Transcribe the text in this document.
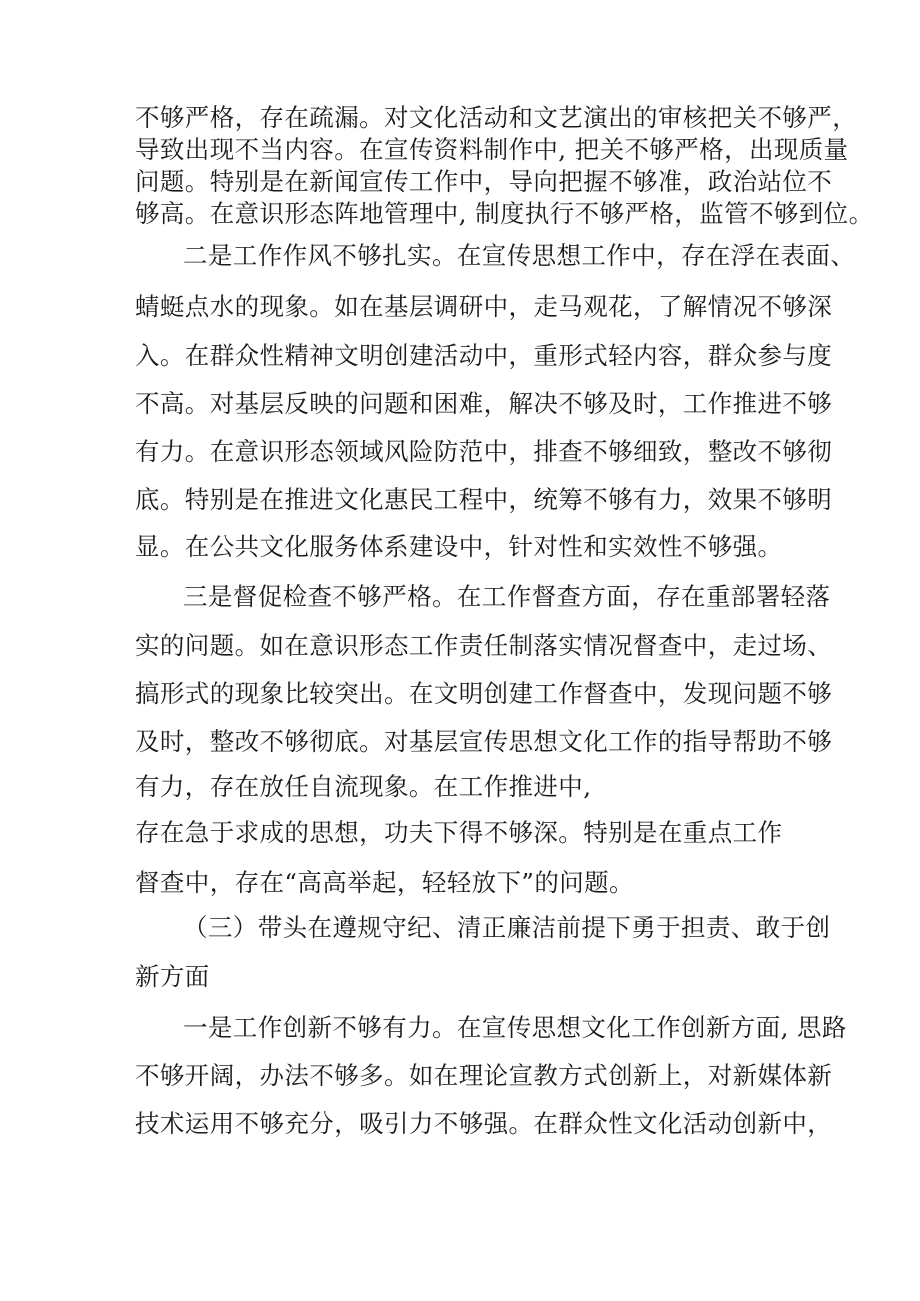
不够严格，存在疏漏。对文化活动和文艺演出的审核把关不够严，
导致出现不当内容。在宣传资料制作中, 把关不够严格，出现质量
问题。特别是在新闻宣传工作中，导向把握不够准，政治站位不
够高。在意识形态阵地管理中, 制度执行不够严格，监管不够到位。
二是工作作风不够扎实。在宣传思想工作中，存在浮在表面、
蜻蜓点水的现象。如在基层调研中，走马观花，了解情况不够深
入。在群众性精神文明创建活动中，重形式轻内容，群众参与度
不高。对基层反映的问题和困难，解决不够及时，工作推进不够
有力。在意识形态领域风险防范中，排查不够细致，整改不够彻
底。特别是在推进文化惠民工程中，统筹不够有力，效果不够明
显。在公共文化服务体系建设中，针对性和实效性不够强。
三是督促检查不够严格。在工作督查方面，存在重部署轻落
实的问题。如在意识形态工作责任制落实情况督查中，走过场、
搞形式的现象比较突出。在文明创建工作督查中，发现问题不够
及时，整改不够彻底。对基层宣传思想文化工作的指导帮助不够
有力，存在放任自流现象。在工作推进中,
存在急于求成的思想，功夫下得不够深。特别是在重点工作
督查中，存在“高高举起，轻轻放下”的问题。
（三）带头在遵规守纪、清正廉洁前提下勇于担责、敢于创
新方面
一是工作创新不够有力。在宣传思想文化工作创新方面, 思路
不够开阔，办法不够多。如在理论宣教方式创新上，对新媒体新
技术运用不够充分，吸引力不够强。在群众性文化活动创新中，
